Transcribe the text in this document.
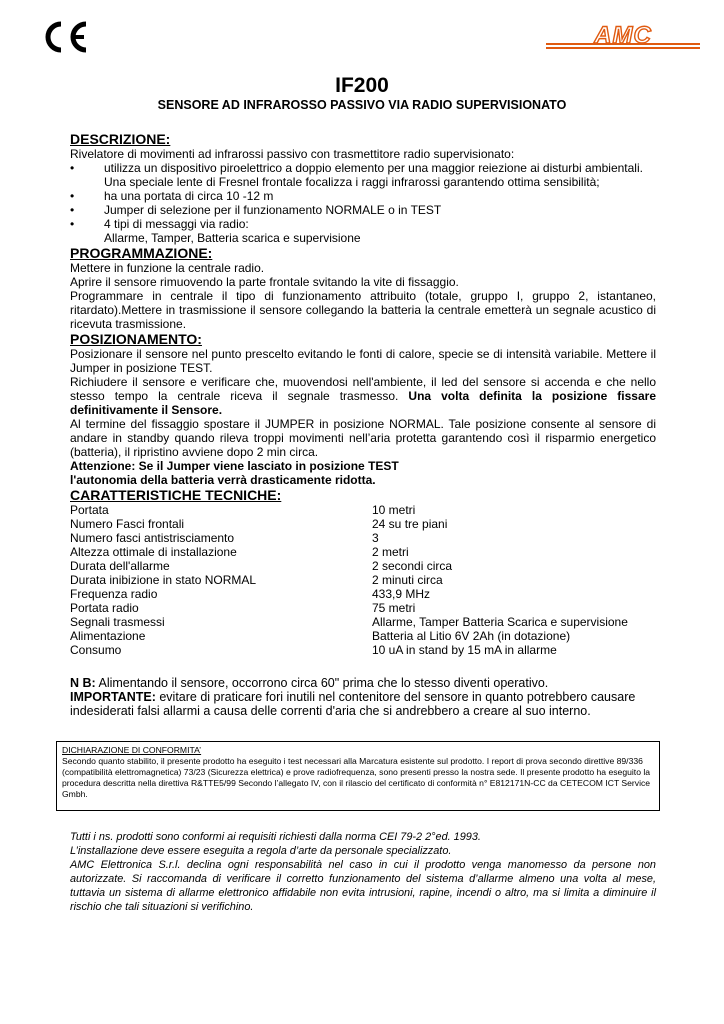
AMC
IF200
SENSORE AD INFRAROSSO PASSIVO VIA RADIO SUPERVISIONATO

DESCRIZIONE:

Rivelatore di movimenti ad infrarossi passivo con trasmettitore radio supervisionato:

• utilizza un dispositivo piroelettrico a doppio elemento per una maggior reiezione ai disturbi ambientali. Una speciale lente di Fresnel frontale focalizza i raggi infrarossi garantendo ottima sensibilità;
• ha una portata di circa 10 -12 m
• Jumper di selezione per il funzionamento NORMALE o in TEST
• 4 tipi di messaggi via radio:
Allarme, Tamper, Batteria scarica e supervisione

PROGRAMMAZIONE:

Mettere in funzione la centrale radio.

Aprire il sensore rimuovendo la parte frontale svitando la vite di fissaggio.

Programmare in centrale il tipo di funzionamento attribuito (totale, gruppo I, gruppo 2, istantaneo, ritardato).Mettere in trasmissione il sensore collegando la batteria la centrale emetterà un segnale acustico di ricevuta trasmissione.

POSIZIONAMENTO:

Posizionare il sensore nel punto prescelto evitando le fonti di calore, specie se di intensità variabile. Mettere il Jumper in posizione TEST.

Richiudere il sensore e verificare che, muovendosi nell'ambiente, il led del sensore si accenda e che nello stesso tempo la centrale riceva il segnale trasmesso. Una volta definita la posizione fissare definitivamente il Sensore.

Al termine del fissaggio spostare il JUMPER in posizione NORMAL. Tale posizione consente al sensore di andare in standby quando rileva troppi movimenti nell’aria protetta garantendo così il risparmio energetico (batteria), il ripristino avviene dopo 2 min circa.

Attenzione: Se il Jumper viene lasciato in posizione TEST

l'autonomia della batteria verrà drasticamente ridotta.

CARATTERISTICHE TECNICHE:

Portata	10 metri
Numero Fasci frontali	24 su tre piani
Numero fasci antistrisciamento	3
Altezza ottimale di installazione	2 metri
Durata dell'allarme	2 secondi circa
Durata inibizione in stato NORMAL	2 minuti circa
Frequenza radio	433,9 MHz
Portata radio	75 metri
Segnali trasmessi	Allarme, Tamper Batteria Scarica e supervisione
Alimentazione	Batteria al Litio 6V 2Ah (in dotazione)
Consumo	10 uA in stand by 15 mA in allarme

N B: Alimentando il sensore, occorrono circa 60" prima che lo stesso diventi operativo.

IMPORTANTE: evitare di praticare fori inutili nel contenitore del sensore in quanto potrebbero causare indesiderati falsi allarmi a causa delle correnti d'aria che si andrebbero a creare al suo interno.

DICHIARAZIONE DI CONFORMITA’

Secondo quanto stabilito, il presente prodotto ha eseguito i test necessari alla Marcatura esistente sul prodotto. I report di prova secondo direttive 89/336 (compatibilità elettromagnetica) 73/23 (Sicurezza elettrica) e prove radiofrequenza, sono presenti presso la nostra sede. Il presente prodotto ha eseguito la procedura descritta nella direttiva R&TTE5/99 Secondo l’allegato IV, con il rilascio del certificato di conformità n° E812171N-CC da CETECOM ICT Service Gmbh.

Tutti i ns. prodotti sono conformi ai requisiti richiesti dalla norma CEI 79-2 2°ed. 1993.

L’installazione deve essere eseguita a regola d’arte da personale specializzato.

AMC Elettronica S.r.l. declina ogni responsabilità nel caso in cui il prodotto venga manomesso da persone non autorizzate. Si raccomanda di verificare il corretto funzionamento del sistema d’allarme almeno una volta al mese, tuttavia un sistema di allarme elettronico affidabile non evita intrusioni, rapine, incendi o altro, ma si limita a diminuire il rischio che tali situazioni si verifichino.
